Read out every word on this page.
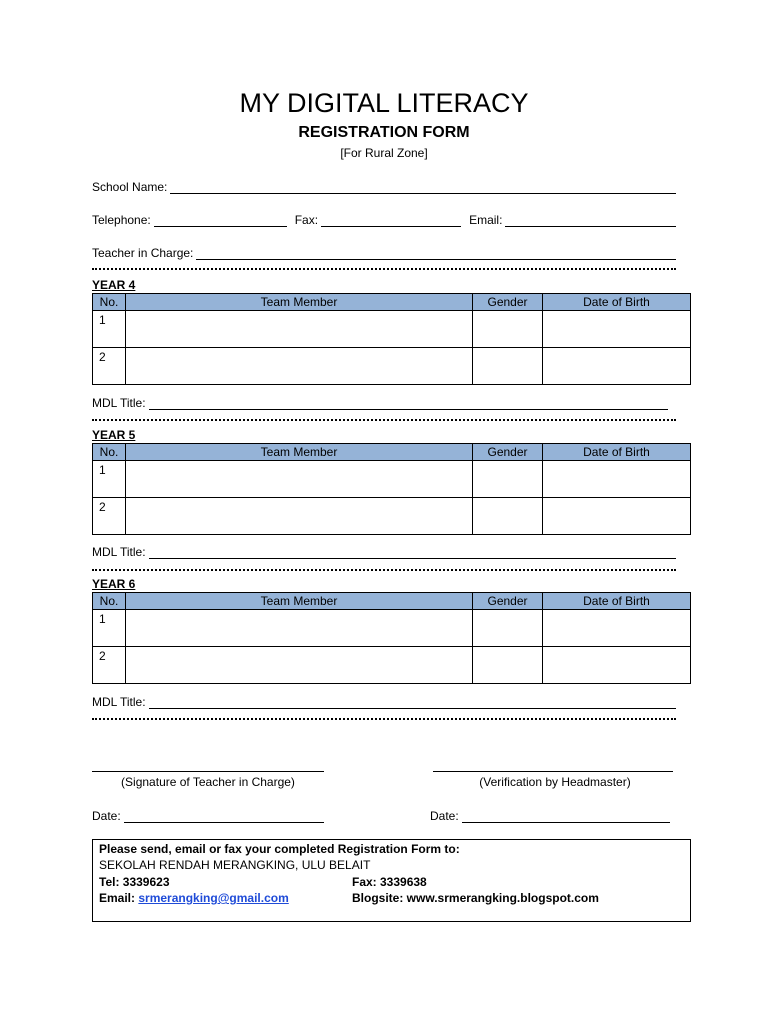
MY DIGITAL LITERACY
REGISTRATION FORM
[For Rural Zone]
School Name:
Telephone:	Fax:	Email:
Teacher in Charge:
YEAR 4
No.	Team Member	Gender	Date of Birth
1			
2			
MDL Title:
YEAR 5
No.	Team Member	Gender	Date of Birth
1			
2			
MDL Title:
YEAR 6
No.	Team Member	Gender	Date of Birth
1			
2			
MDL Title:
(Signature of Teacher in Charge)	(Verification by Headmaster)
Date:	Date:
Please send, email or fax your completed Registration Form to:
SEKOLAH RENDAH MERANGKING, ULU BELAIT
Tel: 3339623	Fax: 3339638
Email: srmerangking@gmail.com	Blogsite: www.srmerangking.blogspot.com
